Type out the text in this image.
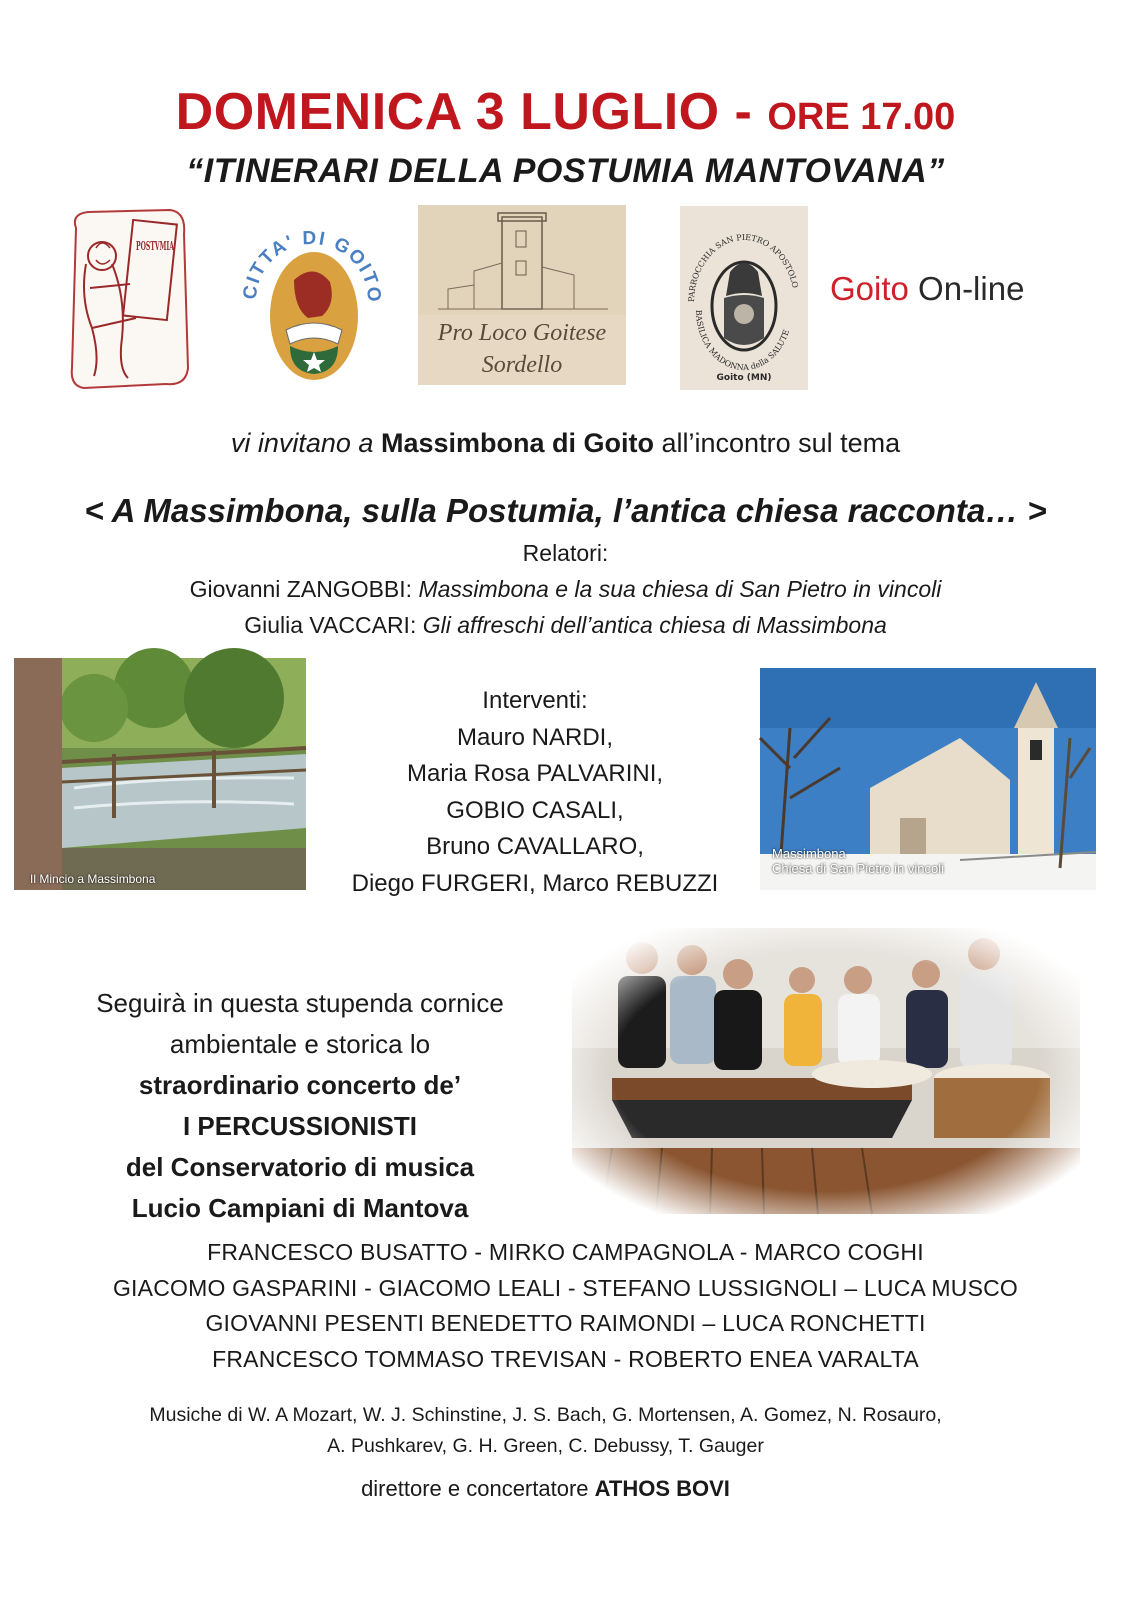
DOMENICA 3 LUGLIO - ORE 17.00
“ITINERARI DELLA POSTUMIA MANTOVANA”
POSTVMIA
CITTA' DI GOITO
Pro Loco Goitese
Sordello
PARROCCHIA SAN PIETRO APOSTOLO
BASILICA MADONNA della SALUTE
Goito (MN)
Goito On-line
vi invitano a Massimbona di Goito all’incontro sul tema
< A Massimbona, sulla Postumia, l’antica chiesa racconta… >
Relatori:
Giovanni ZANGOBBI: Massimbona e la sua chiesa di San Pietro in vincoli
Giulia VACCARI: Gli affreschi dell’antica chiesa di Massimbona
Il Mincio a Massimbona
Interventi:
Mauro NARDI,
Maria Rosa PALVARINI,
GOBIO CASALI,
Bruno CAVALLARO,
Diego FURGERI, Marco REBUZZI
Massimbona
Chiesa di San Pietro in vincoli
Seguirà in questa stupenda cornice
ambientale e storica lo
straordinario concerto de’
I PERCUSSIONISTI
del Conservatorio di musica
Lucio Campiani di Mantova
FRANCESCO BUSATTO - MIRKO CAMPAGNOLA - MARCO COGHI
GIACOMO GASPARINI - GIACOMO LEALI - STEFANO LUSSIGNOLI – LUCA MUSCO
GIOVANNI PESENTI BENEDETTO RAIMONDI – LUCA RONCHETTI
FRANCESCO TOMMASO TREVISAN - ROBERTO ENEA VARALTA
Musiche di W. A Mozart, W. J. Schinstine, J. S. Bach, G. Mortensen, A. Gomez, N. Rosauro,
A. Pushkarev, G. H. Green, C. Debussy, T. Gauger
direttore e concertatore ATHOS BOVI
